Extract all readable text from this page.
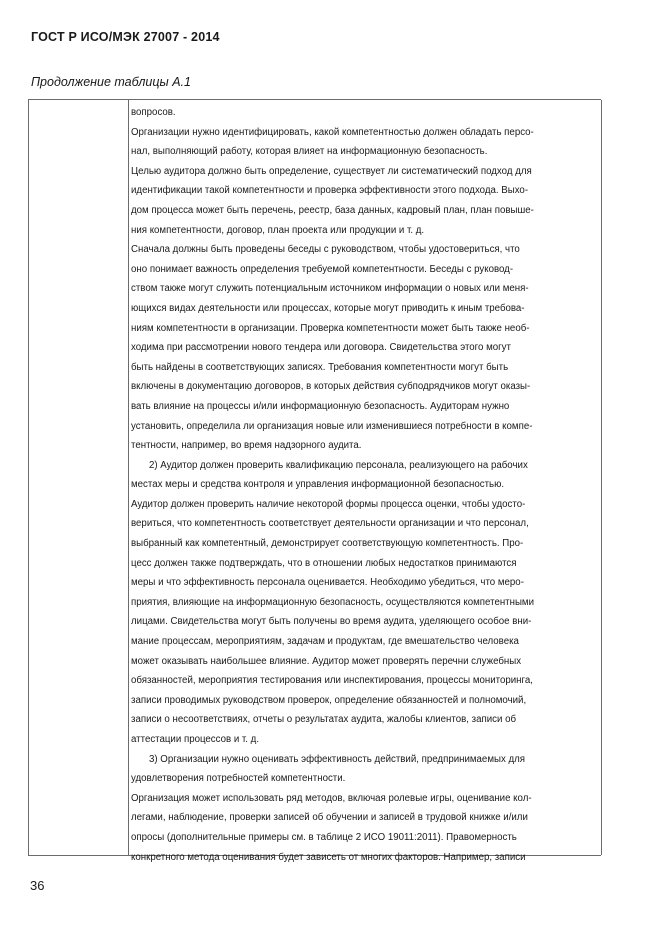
ГОСТ Р ИСО/МЭК 27007 - 2014
Продолжение таблицы А.1
вопросов.
Организации нужно идентифицировать, какой компетентностью должен обладать персо-
нал, выполняющий работу, которая влияет на информационную безопасность.
Целью аудитора должно быть определение, существует ли систематический подход для
идентификации такой компетентности и проверка эффективности этого подхода. Выхо-
дом процесса может быть перечень, реестр, база данных, кадровый план, план повыше-
ния компетентности, договор, план проекта или продукции и т. д.
Сначала должны быть проведены беседы с руководством, чтобы удостовериться, что
оно понимает важность определения требуемой компетентности. Беседы с руковод-
ством также могут служить потенциальным источником информации о новых или меня-
ющихся видах деятельности или процессах, которые могут приводить к иным требова-
ниям компетентности в организации. Проверка компетентности может быть также необ-
ходима при рассмотрении нового тендера или договора. Свидетельства этого могут
быть найдены в соответствующих записях. Требования компетентности могут быть
включены в документацию договоров, в которых действия субподрядчиков могут оказы-
вать влияние на процессы и/или информационную безопасность. Аудиторам нужно
установить, определила ли организация новые или изменившиеся потребности в компе-
тентности, например, во время надзорного аудита.
2) Аудитор должен проверить квалификацию персонала, реализующего на рабочих
местах меры и средства контроля и управления информационной безопасностью.
Аудитор должен проверить наличие некоторой формы процесса оценки, чтобы удосто-
вериться, что компетентность соответствует деятельности организации и что персонал,
выбранный как компетентный, демонстрирует соответствующую компетентность. Про-
цесс должен также подтверждать, что в отношении любых недостатков принимаются
меры и что эффективность персонала оценивается. Необходимо убедиться, что меро-
приятия, влияющие на информационную безопасность, осуществляются компетентными
лицами. Свидетельства могут быть получены во время аудита, уделяющего особое вни-
мание процессам, мероприятиям, задачам и продуктам, где вмешательство человека
может оказывать наибольшее влияние. Аудитор может проверять перечни служебных
обязанностей, мероприятия тестирования или инспектирования, процессы мониторинга,
записи проводимых руководством проверок, определение обязанностей и полномочий,
записи о несоответствиях, отчеты о результатах аудита, жалобы клиентов, записи об
аттестации процессов и т. д.
3) Организации нужно оценивать эффективность действий, предпринимаемых для
удовлетворения потребностей компетентности.
Организация может использовать ряд методов, включая ролевые игры, оценивание кол-
легами, наблюдение, проверки записей об обучении и записей в трудовой книжке и/или
опросы (дополнительные примеры см. в таблице 2 ИСО 19011:2011). Правомерность
конкретного метода оценивания будет зависеть от многих факторов. Например, записи
36
